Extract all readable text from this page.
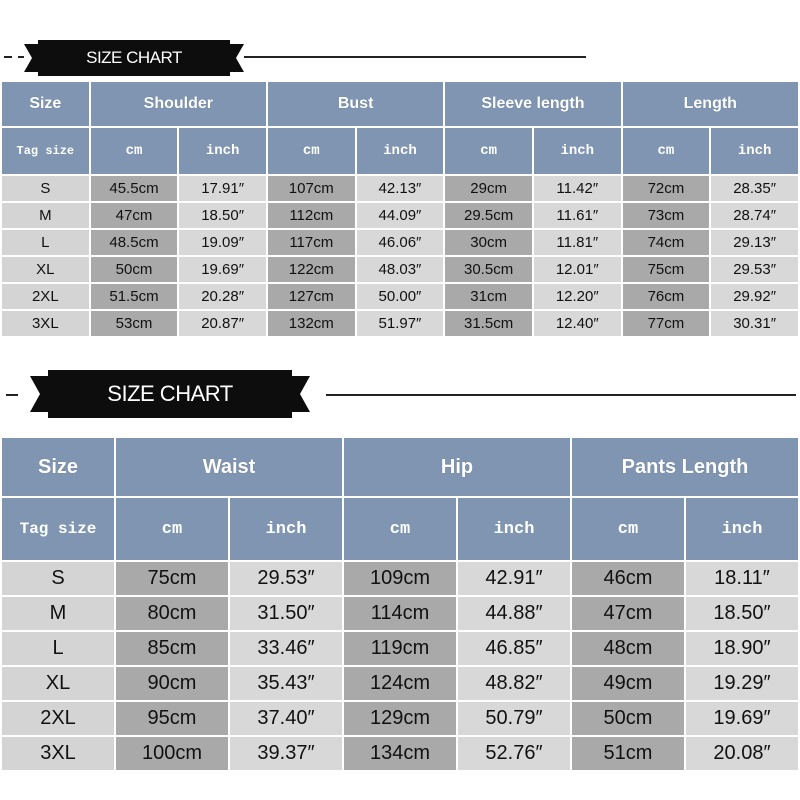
SIZE CHART
Size	Shoulder		Bust		Sleeve length		Length	
Tag size	cm	inch	cm	inch	cm	inch	cm	inch
S	45.5cm	17.91″	107cm	42.13″	29cm	11.42″	72cm	28.35″
M	47cm	18.50″	112cm	44.09″	29.5cm	11.61″	73cm	28.74″
L	48.5cm	19.09″	117cm	46.06″	30cm	11.81″	74cm	29.13″
XL	50cm	19.69″	122cm	48.03″	30.5cm	12.01″	75cm	29.53″
2XL	51.5cm	20.28″	127cm	50.00″	31cm	12.20″	76cm	29.92″
3XL	53cm	20.87″	132cm	51.97″	31.5cm	12.40″	77cm	30.31″
SIZE CHART
Size	Waist		Hip		Pants Length	
Tag size	cm	inch	cm	inch	cm	inch
S	75cm	29.53″	109cm	42.91″	46cm	18.11″
M	80cm	31.50″	114cm	44.88″	47cm	18.50″
L	85cm	33.46″	119cm	46.85″	48cm	18.90″
XL	90cm	35.43″	124cm	48.82″	49cm	19.29″
2XL	95cm	37.40″	129cm	50.79″	50cm	19.69″
3XL	100cm	39.37″	134cm	52.76″	51cm	20.08″
